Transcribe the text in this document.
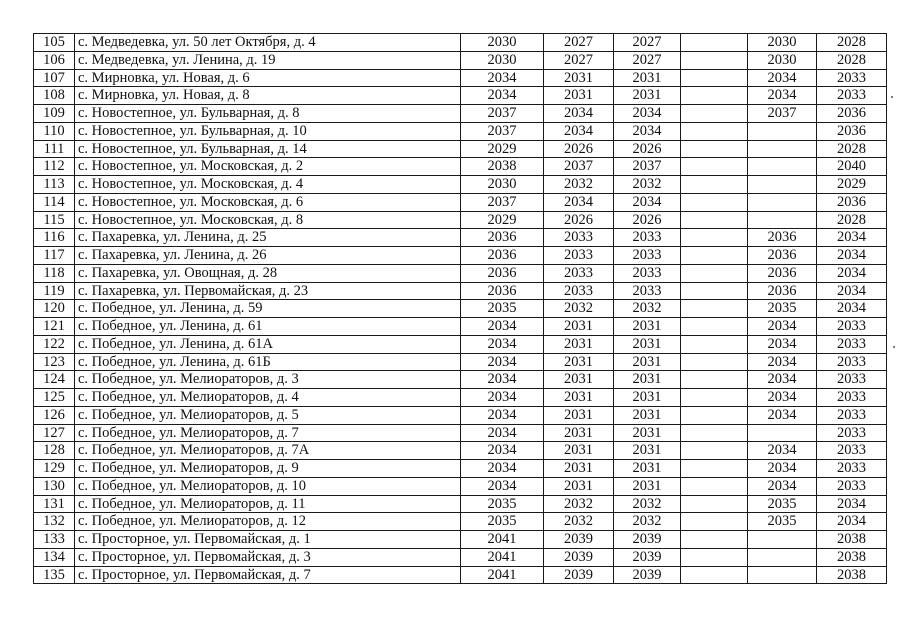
105	с. Медведевка, ул. 50 лет Октября, д. 4	2030	2027	2027		2030	2028
106	с. Медведевка, ул. Ленина, д. 19	2030	2027	2027		2030	2028
107	с. Мирновка, ул. Новая, д. 6	2034	2031	2031		2034	2033
108	с. Мирновка, ул. Новая, д. 8	2034	2031	2031		2034	2033
109	с. Новостепное, ул. Бульварная, д. 8	2037	2034	2034		2037	2036
110	с. Новостепное, ул. Бульварная, д. 10	2037	2034	2034			2036
111	с. Новостепное, ул. Бульварная, д. 14	2029	2026	2026			2028
112	с. Новостепное, ул. Московская, д. 2	2038	2037	2037			2040
113	с. Новостепное, ул. Московская, д. 4	2030	2032	2032			2029
114	с. Новостепное, ул. Московская, д. 6	2037	2034	2034			2036
115	с. Новостепное, ул. Московская, д. 8	2029	2026	2026			2028
116	с. Пахаревка, ул. Ленина, д. 25	2036	2033	2033		2036	2034
117	с. Пахаревка, ул. Ленина, д. 26	2036	2033	2033		2036	2034
118	с. Пахаревка, ул. Овощная, д. 28	2036	2033	2033		2036	2034
119	с. Пахаревка, ул. Первомайская, д. 23	2036	2033	2033		2036	2034
120	с. Победное, ул. Ленина, д. 59	2035	2032	2032		2035	2034
121	с. Победное, ул. Ленина, д. 61	2034	2031	2031		2034	2033
122	с. Победное, ул. Ленина, д. 61А	2034	2031	2031		2034	2033
123	с. Победное, ул. Ленина, д. 61Б	2034	2031	2031		2034	2033
124	с. Победное, ул. Мелиораторов, д. 3	2034	2031	2031		2034	2033
125	с. Победное, ул. Мелиораторов, д. 4	2034	2031	2031		2034	2033
126	с. Победное, ул. Мелиораторов, д. 5	2034	2031	2031		2034	2033
127	с. Победное, ул. Мелиораторов, д. 7	2034	2031	2031			2033
128	с. Победное, ул. Мелиораторов, д. 7А	2034	2031	2031		2034	2033
129	с. Победное, ул. Мелиораторов, д. 9	2034	2031	2031		2034	2033
130	с. Победное, ул. Мелиораторов, д. 10	2034	2031	2031		2034	2033
131	с. Победное, ул. Мелиораторов, д. 11	2035	2032	2032		2035	2034
132	с. Победное, ул. Мелиораторов, д. 12	2035	2032	2032		2035	2034
133	с. Просторное, ул. Первомайская, д. 1	2041	2039	2039			2038
134	с. Просторное, ул. Первомайская, д. 3	2041	2039	2039			2038
135	с. Просторное, ул. Первомайская, д. 7	2041	2039	2039			2038
